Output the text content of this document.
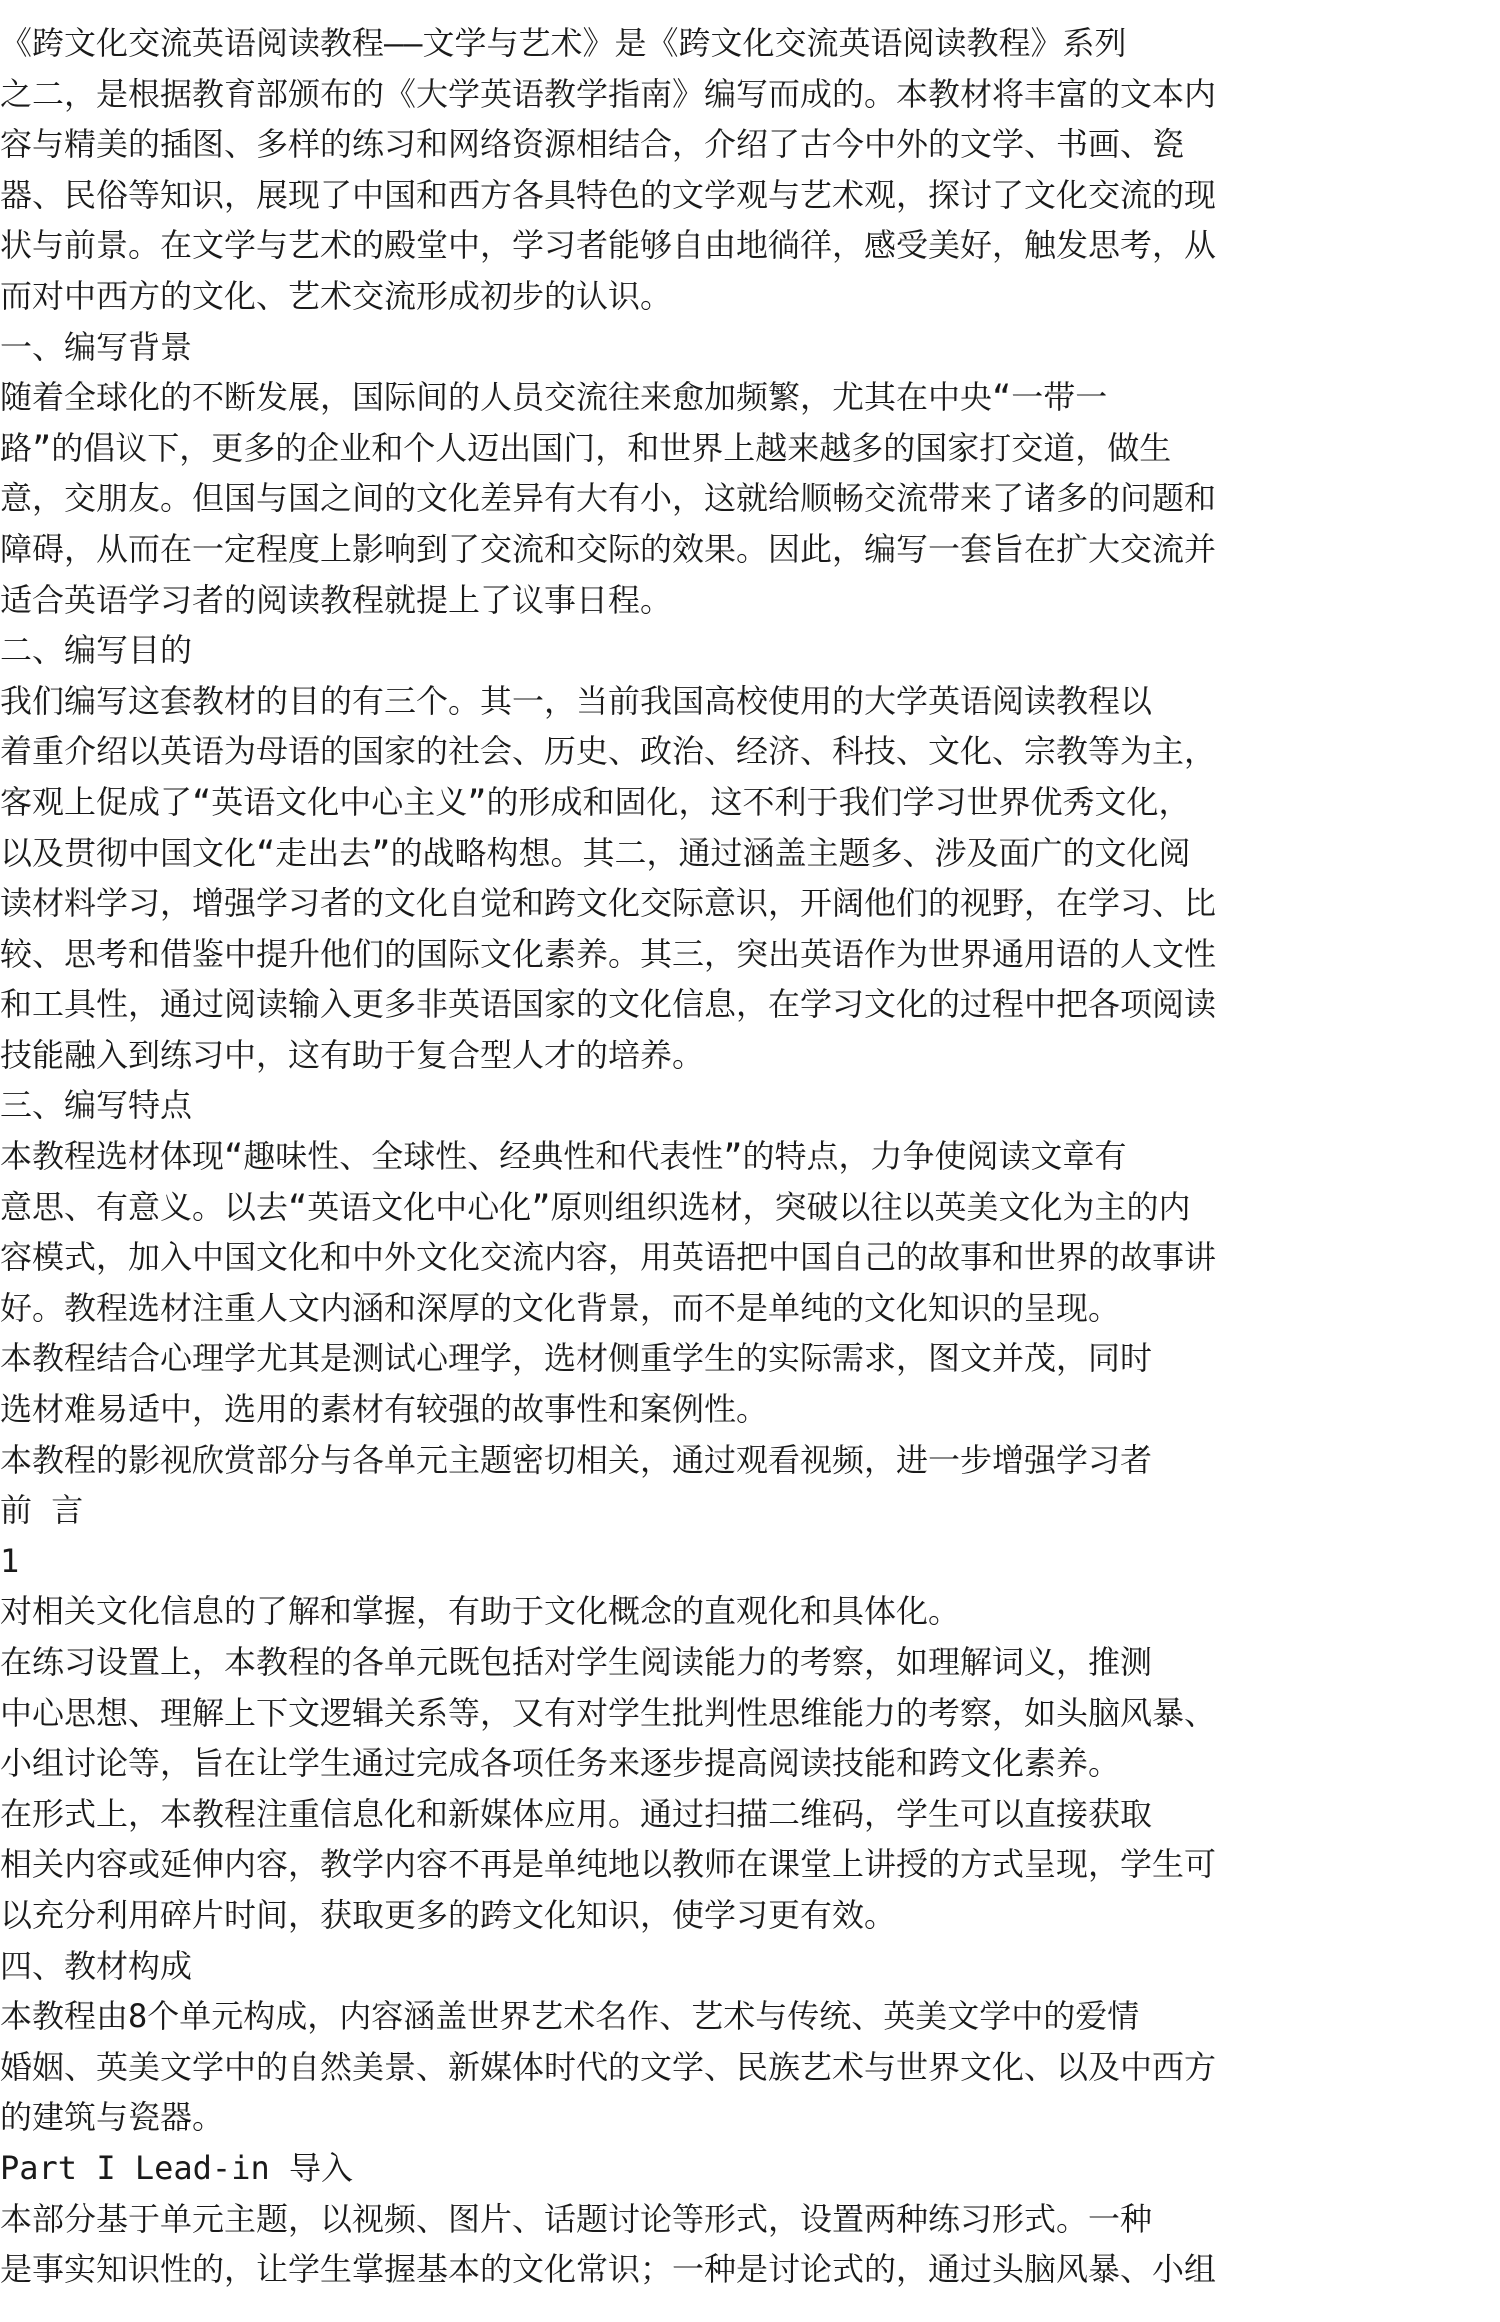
《跨文化交流英语阅读教程——文学与艺术》是《跨文化交流英语阅读教程》系列
之二，是根据教育部颁布的《大学英语教学指南》编写而成的。本教材将丰富的文本内
容与精美的插图、多样的练习和网络资源相结合，介绍了古今中外的文学、书画、瓷
器、民俗等知识，展现了中国和西方各具特色的文学观与艺术观，探讨了文化交流的现
状与前景。在文学与艺术的殿堂中，学习者能够自由地徜徉，感受美好，触发思考，从
而对中西方的文化、艺术交流形成初步的认识。
一、编写背景
随着全球化的不断发展，国际间的人员交流往来愈加频繁，尤其在中央“一带一
路”的倡议下，更多的企业和个人迈出国门，和世界上越来越多的国家打交道，做生
意，交朋友。但国与国之间的文化差异有大有小，这就给顺畅交流带来了诸多的问题和
障碍，从而在一定程度上影响到了交流和交际的效果。因此，编写一套旨在扩大交流并
适合英语学习者的阅读教程就提上了议事日程。
二、编写目的
我们编写这套教材的目的有三个。其一，当前我国高校使用的大学英语阅读教程以
着重介绍以英语为母语的国家的社会、历史、政治、经济、科技、文化、宗教等为主，
客观上促成了“英语文化中心主义”的形成和固化，这不利于我们学习世界优秀文化，
以及贯彻中国文化“走出去”的战略构想。其二，通过涵盖主题多、涉及面广的文化阅
读材料学习，增强学习者的文化自觉和跨文化交际意识，开阔他们的视野，在学习、比
较、思考和借鉴中提升他们的国际文化素养。其三，突出英语作为世界通用语的人文性
和工具性，通过阅读输入更多非英语国家的文化信息，在学习文化的过程中把各项阅读
技能融入到练习中，这有助于复合型人才的培养。
三、编写特点
本教程选材体现“趣味性、全球性、经典性和代表性”的特点，力争使阅读文章有
意思、有意义。以去“英语文化中心化”原则组织选材，突破以往以英美文化为主的内
容模式，加入中国文化和中外文化交流内容，用英语把中国自己的故事和世界的故事讲
好。教程选材注重人文内涵和深厚的文化背景，而不是单纯的文化知识的呈现。
本教程结合心理学尤其是测试心理学，选材侧重学生的实际需求，图文并茂，同时
选材难易适中，选用的素材有较强的故事性和案例性。
本教程的影视欣赏部分与各单元主题密切相关，通过观看视频，进一步增强学习者
前 言
1
对相关文化信息的了解和掌握，有助于文化概念的直观化和具体化。
在练习设置上，本教程的各单元既包括对学生阅读能力的考察，如理解词义，推测
中心思想、理解上下文逻辑关系等，又有对学生批判性思维能力的考察，如头脑风暴、
小组讨论等，旨在让学生通过完成各项任务来逐步提高阅读技能和跨文化素养。
在形式上，本教程注重信息化和新媒体应用。通过扫描二维码，学生可以直接获取
相关内容或延伸内容，教学内容不再是单纯地以教师在课堂上讲授的方式呈现，学生可
以充分利用碎片时间，获取更多的跨文化知识，使学习更有效。
四、教材构成
本教程由8个单元构成，内容涵盖世界艺术名作、艺术与传统、英美文学中的爱情
婚姻、英美文学中的自然美景、新媒体时代的文学、民族艺术与世界文化、以及中西方
的建筑与瓷器。
Part I Lead-in 导入
本部分基于单元主题，以视频、图片、话题讨论等形式，设置两种练习形式。一种
是事实知识性的，让学生掌握基本的文化常识；一种是讨论式的，通过头脑风暴、小组
